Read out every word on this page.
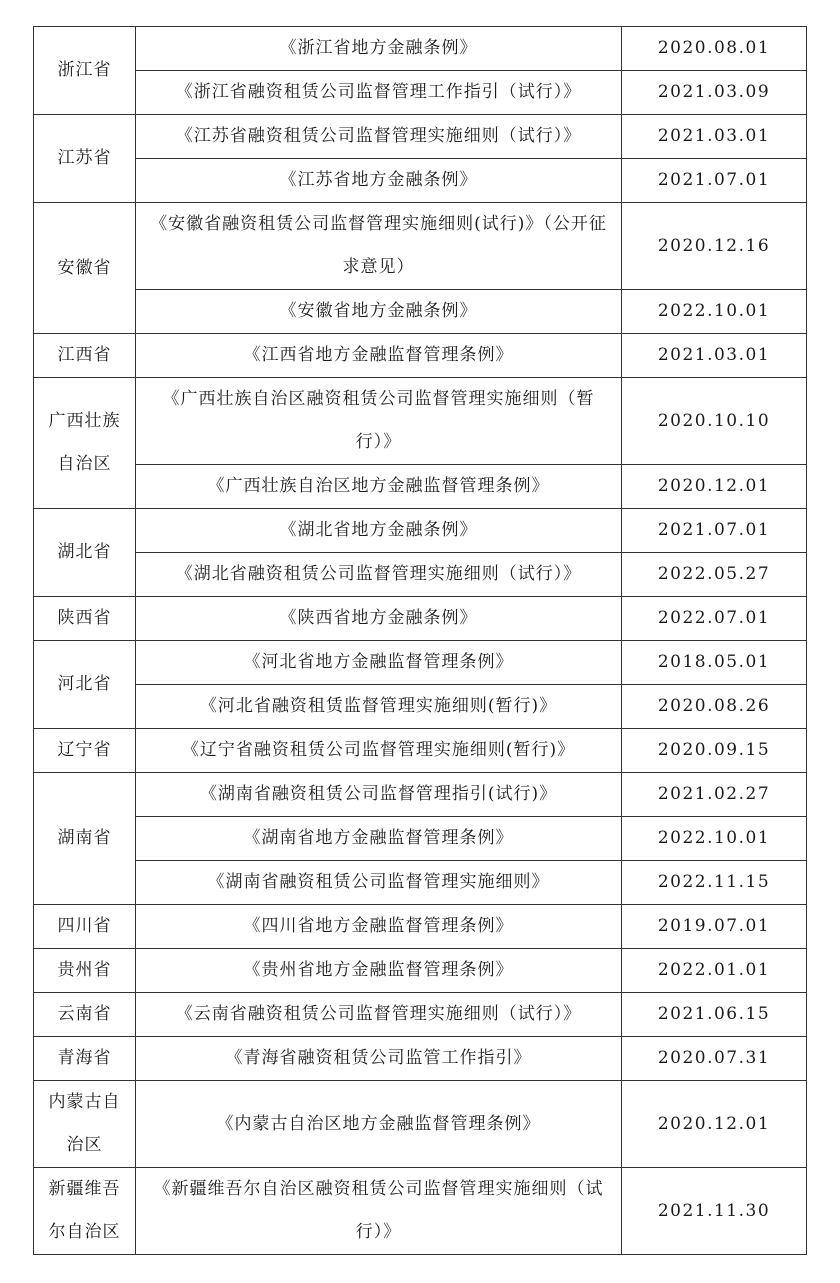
浙江省	《浙江省地方金融条例》	2020.08.01
	《浙江省融资租赁公司监督管理工作指引（试行）》	2021.03.09
江苏省	《江苏省融资租赁公司监督管理实施细则（试行）》	2021.03.01
	《江苏省地方金融条例》	2021.07.01
安徽省	《安徽省融资租赁公司监督管理实施细则(试行)》（公开征求意见）	2020.12.16
	《安徽省地方金融条例》	2022.10.01
江西省	《江西省地方金融监督管理条例》	2021.03.01
广西壮族自治区	《广西壮族自治区融资租赁公司监督管理实施细则（暂行）》	2020.10.10
	《广西壮族自治区地方金融监督管理条例》	2020.12.01
湖北省	《湖北省地方金融条例》	2021.07.01
	《湖北省融资租赁公司监督管理实施细则（试行）》	2022.05.27
陕西省	《陕西省地方金融条例》	2022.07.01
河北省	《河北省地方金融监督管理条例》	2018.05.01
	《河北省融资租赁监督管理实施细则(暂行)》	2020.08.26
辽宁省	《辽宁省融资租赁公司监督管理实施细则(暂行)》	2020.09.15
湖南省	《湖南省融资租赁公司监督管理指引(试行)》	2021.02.27
	《湖南省地方金融监督管理条例》	2022.10.01
	《湖南省融资租赁公司监督管理实施细则》	2022.11.15
四川省	《四川省地方金融监督管理条例》	2019.07.01
贵州省	《贵州省地方金融监督管理条例》	2022.01.01
云南省	《云南省融资租赁公司监督管理实施细则（试行）》	2021.06.15
青海省	《青海省融资租赁公司监管工作指引》	2020.07.31
内蒙古自治区	《内蒙古自治区地方金融监督管理条例》	2020.12.01
新疆维吾尔自治区	《新疆维吾尔自治区融资租赁公司监督管理实施细则（试行）》	2021.11.30
